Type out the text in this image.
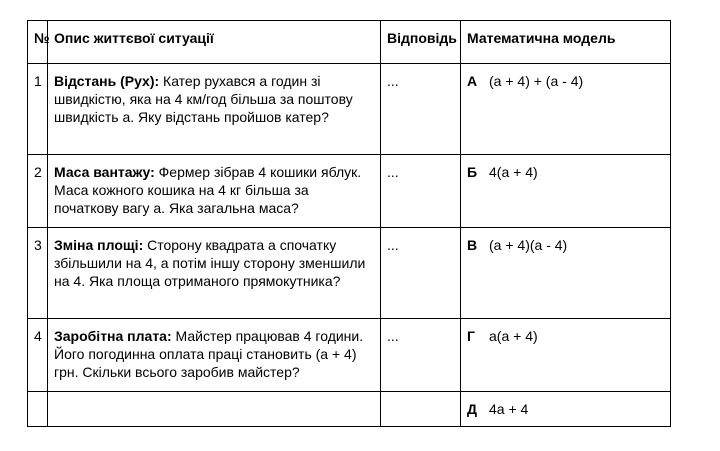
№	Опис життєвої ситуації	Відповідь	Математична модель
1	Відстань (Рух): Катер рухався a годин зі швидкістю, яка на 4 км/год більша за поштову швидкість a. Яку відстань пройшов катер?	...	А (a + 4) + (a - 4)
2	Маса вантажу: Фермер зібрав 4 кошики яблук. Маса кожного кошика на 4 кг більша за початкову вагу a. Яка загальна маса?	...	Б 4(a + 4)
3	Зміна площі: Сторону квадрата a спочатку збільшили на 4, а потім іншу сторону зменшили на 4. Яка площа отриманого прямокутника?	...	В (a + 4)(a - 4)
4	Заробітна плата: Майстер працював 4 години. Його погодинна оплата праці становить (a + 4) грн. Скільки всього заробив майстер?	...	Г a(a + 4)
			Д 4a + 4
